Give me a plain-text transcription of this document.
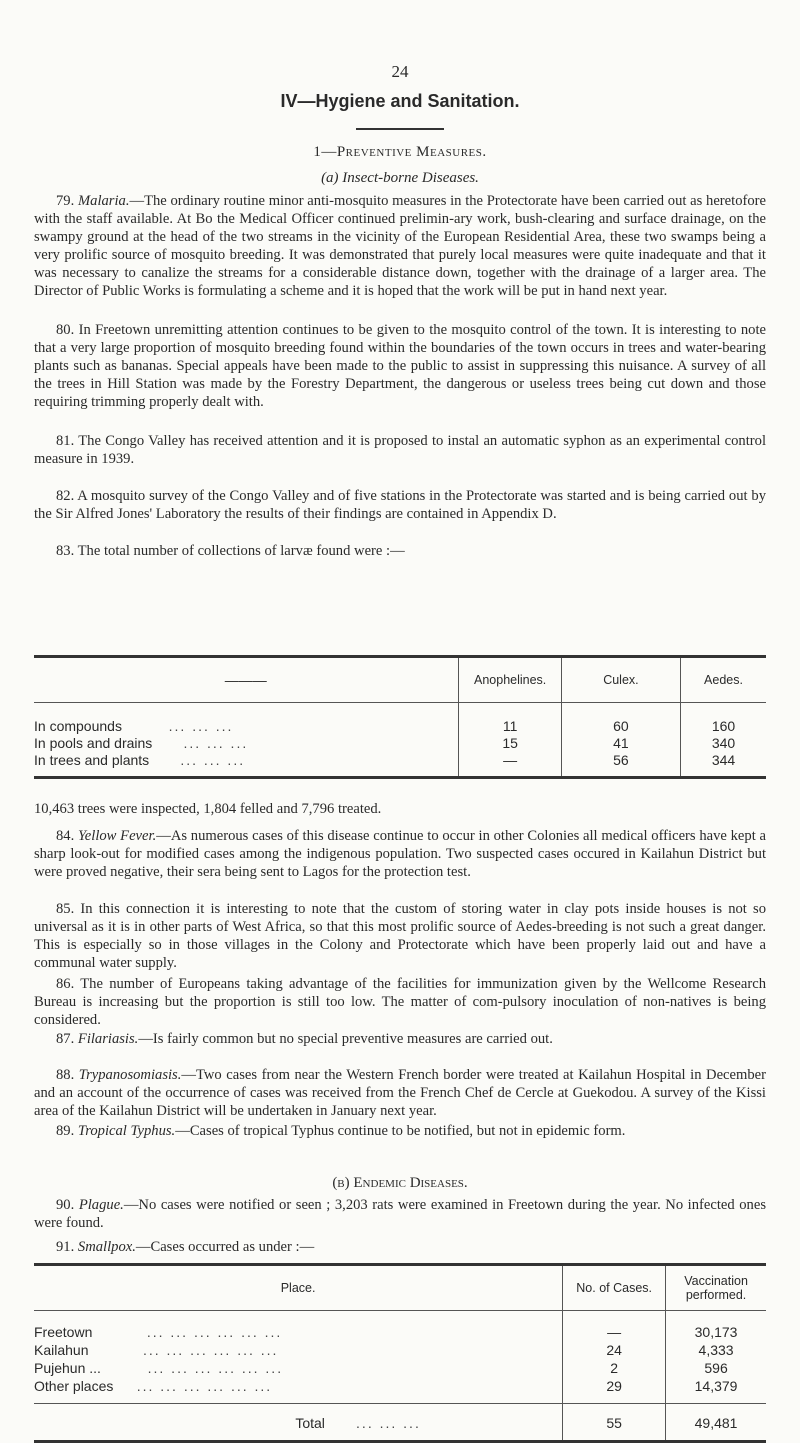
24
IV—Hygiene and Sanitation.
1—Preventive Measures.
(a) Insect-borne Diseases.

79. Malaria.—The ordinary routine minor anti-mosquito measures in the Protectorate have been carried out as heretofore with the staff available. At Bo the Medical Officer continued prelimin-ary work, bush-clearing and surface drainage, on the swampy ground at the head of the two streams in the vicinity of the European Residential Area, these two swamps being a very prolific source of mosquito breeding. It was demonstrated that purely local measures were quite inadequate and that it was necessary to canalize the streams for a considerable distance down, together with the drainage of a larger area. The Director of Public Works is formulating a scheme and it is hoped that the work will be put in hand next year.

80. In Freetown unremitting attention continues to be given to the mosquito control of the town. It is interesting to note that a very large proportion of mosquito breeding found within the boundaries of the town occurs in trees and water-bearing plants such as bananas. Special appeals have been made to the public to assist in suppressing this nuisance. A survey of all the trees in Hill Station was made by the Forestry Department, the dangerous or useless trees being cut down and those requiring trimming properly dealt with.

81. The Congo Valley has received attention and it is proposed to instal an automatic syphon as an experimental control measure in 1939.

82. A mosquito survey of the Congo Valley and of five stations in the Protectorate was started and is being carried out by the Sir Alfred Jones' Laboratory the results of their findings are contained in Appendix D.

83. The total number of collections of larvæ found were :—

———	Anophelines.	Culex.	Aedes.
In compounds ... ... ...	11	60	160
In pools and drains ... ... ...	15	41	340
In trees and plants ... ... ...	—	56	344

10,463 trees were inspected, 1,804 felled and 7,796 treated.

84. Yellow Fever.—As numerous cases of this disease continue to occur in other Colonies all medical officers have kept a sharp look-out for modified cases among the indigenous population. Two suspected cases occured in Kailahun District but were proved negative, their sera being sent to Lagos for the protection test.

85. In this connection it is interesting to note that the custom of storing water in clay pots inside houses is not so universal as it is in other parts of West Africa, so that this most prolific source of Aedes-breeding is not such a great danger. This is especially so in those villages in the Colony and Protectorate which have been properly laid out and have a communal water supply.

86. The number of Europeans taking advantage of the facilities for immunization given by the Wellcome Research Bureau is increasing but the proportion is still too low. The matter of com-pulsory inoculation of non-natives is being considered.

87. Filariasis.—Is fairly common but no special preventive measures are carried out.

88. Trypanosomiasis.—Two cases from near the Western French border were treated at Kailahun Hospital in December and an account of the occurrence of cases was received from the French Chef de Cercle at Guekodou. A survey of the Kissi area of the Kailahun District will be undertaken in January next year.

89. Tropical Typhus.—Cases of tropical Typhus continue to be notified, but not in epidemic form.

(b) Endemic Diseases.

90. Plague.—No cases were notified or seen ; 3,203 rats were examined in Freetown during the year. No infected ones were found.

91. Smallpox.—Cases occurred as under :—

Place.	No. of Cases.	Vaccination performed.
Freetown ... ... ... ... ... ...	—	30,173
Kailahun ... ... ... ... ... ...	24	4,333
Pujehun ... ... ... ... ... ... ...	2	596
Other places ... ... ... ... ... ...	29	14,379
Total ... ... ...	55	49,481
